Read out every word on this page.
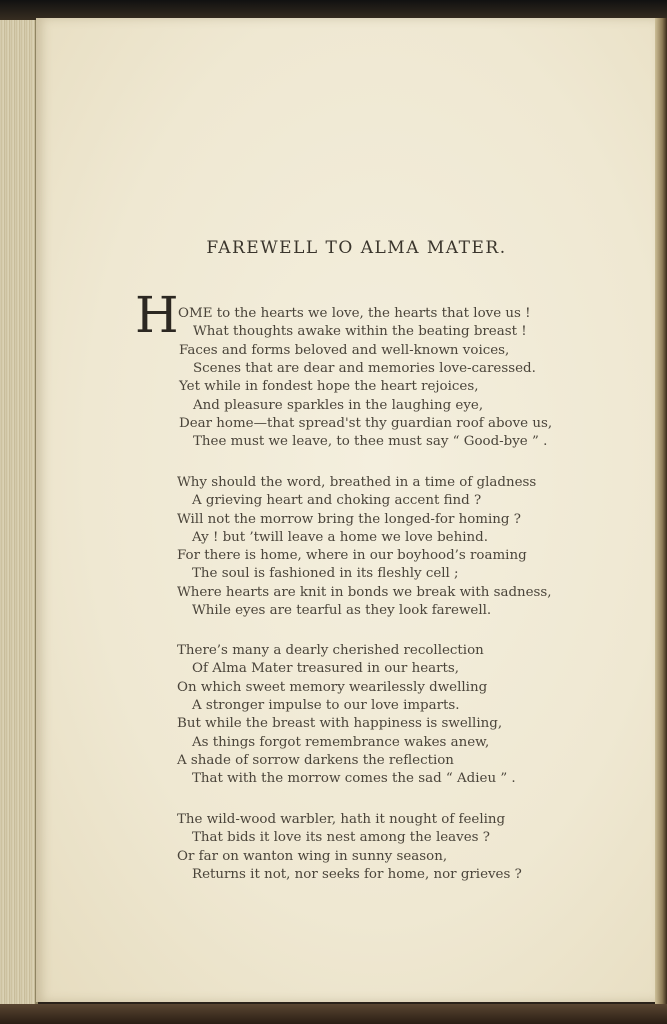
FAREWELL TO ALMA MATER.
H OME to the hearts we love, the hearts that love us !
What thoughts awake within the beating breast !
Faces and forms beloved and well-known voices,
Scenes that are dear and memories love-caressed.
Yet while in fondest hope the heart rejoices,
And pleasure sparkles in the laughing eye,
Dear home—that spread'st thy guardian roof above us,
Thee must we leave, to thee must say “ Good-bye ” .
Why should the word, breathed in a time of gladness
A grieving heart and choking accent find ?
Will not the morrow bring the longed-for homing ?
Ay ! but ’twill leave a home we love behind.
For there is home, where in our boyhood’s roaming
The soul is fashioned in its fleshly cell ;
Where hearts are knit in bonds we break with sadness,
While eyes are tearful as they look farewell.
There’s many a dearly cherished recollection
Of Alma Mater treasured in our hearts,
On which sweet memory wearilessly dwelling
A stronger impulse to our love imparts.
But while the breast with happiness is swelling,
As things forgot remembrance wakes anew,
A shade of sorrow darkens the reflection
That with the morrow comes the sad “ Adieu ” .
The wild-wood warbler, hath it nought of feeling
That bids it love its nest among the leaves ?
Or far on wanton wing in sunny season,
Returns it not, nor seeks for home, nor grieves ?
